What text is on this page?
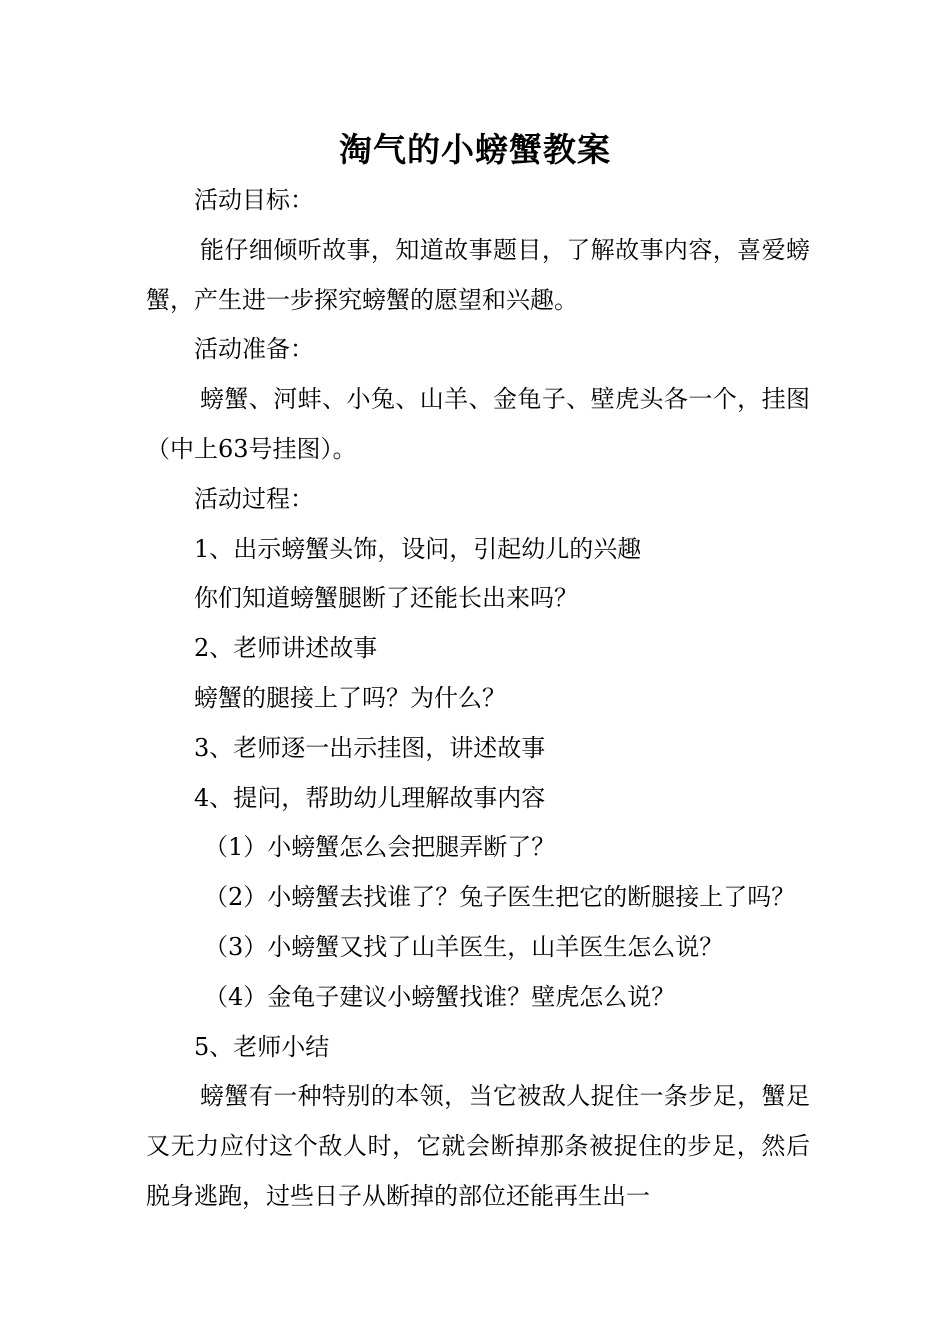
淘气的小螃蟹教案

活动目标：

能仔细倾听故事，知道故事题目，了解故事内容，喜爱螃蟹，产生进一步探究螃蟹的愿望和兴趣。

活动准备：

螃蟹、河蚌、小兔、山羊、金龟子、壁虎头各一个，挂图（中上63号挂图）。

活动过程：

1、出示螃蟹头饰，设问，引起幼儿的兴趣

你们知道螃蟹腿断了还能长出来吗？

2、老师讲述故事

螃蟹的腿接上了吗？为什么？

3、老师逐一出示挂图，讲述故事

4、提问，帮助幼儿理解故事内容

（1）小螃蟹怎么会把腿弄断了？

（2）小螃蟹去找谁了？兔子医生把它的断腿接上了吗？

（3）小螃蟹又找了山羊医生，山羊医生怎么说？

（4）金龟子建议小螃蟹找谁？壁虎怎么说？

5、老师小结

螃蟹有一种特别的本领，当它被敌人捉住一条步足，蟹足又无力应付这个敌人时，它就会断掉那条被捉住的步足，然后脱身逃跑，过些日子从断掉的部位还能再生出一
